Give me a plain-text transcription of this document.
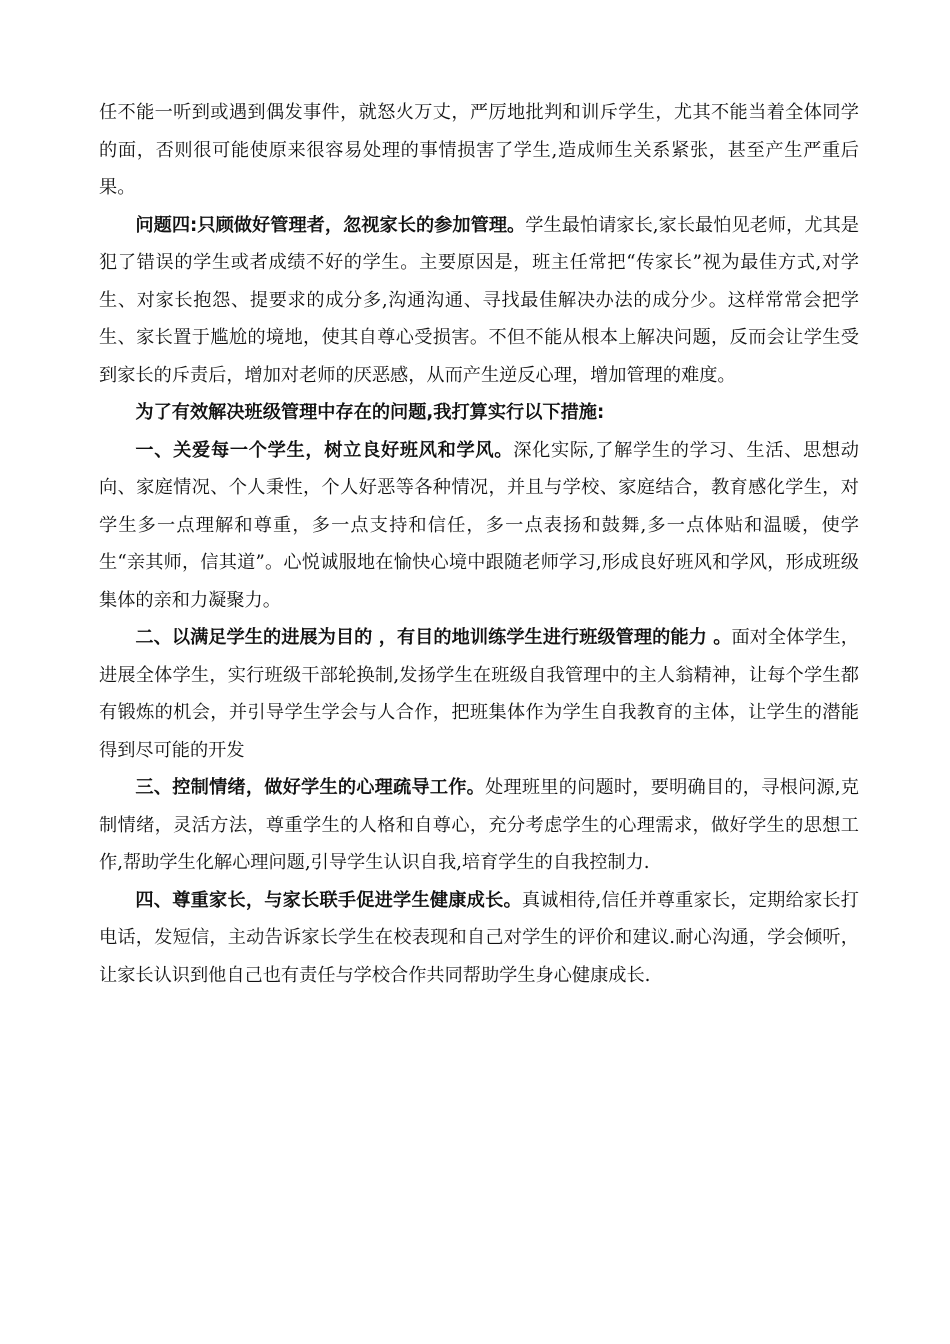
任不能一听到或遇到偶发事件，就怒火万丈，严厉地批判和训斥学生，尤其不能当着全体同学的面，否则很可能使原来很容易处理的事情损害了学生,造成师生关系紧张，甚至产生严重后果。

问题四:只顾做好管理者，忽视家长的参加管理。学生最怕请家长,家长最怕见老师，尤其是犯了错误的学生或者成绩不好的学生。主要原因是，班主任常把“传家长”视为最佳方式,对学生、对家长抱怨、提要求的成分多,沟通沟通、寻找最佳解决办法的成分少。这样常常会把学生、家长置于尴尬的境地，使其自尊心受损害。不但不能从根本上解决问题，反而会让学生受到家长的斥责后，增加对老师的厌恶感，从而产生逆反心理，增加管理的难度。

为了有效解决班级管理中存在的问题,我打算实行以下措施:

一、关爱每一个学生，树立良好班风和学风。深化实际,了解学生的学习、生活、思想动向、家庭情况、个人秉性，个人好恶等各种情况，并且与学校、家庭结合，教育感化学生，对学生多一点理解和尊重，多一点支持和信任，多一点表扬和鼓舞,多一点体贴和温暖，使学生“亲其师，信其道”。心悦诚服地在愉快心境中跟随老师学习,形成良好班风和学风，形成班级集体的亲和力凝聚力。

二、以满足学生的进展为目的 ，有目的地训练学生进行班级管理的能力 。面对全体学生，进展全体学生，实行班级干部轮换制,发扬学生在班级自我管理中的主人翁精神，让每个学生都有锻炼的机会，并引导学生学会与人合作，把班集体作为学生自我教育的主体，让学生的潜能得到尽可能的开发

三、控制情绪，做好学生的心理疏导工作。处理班里的问题时，要明确目的，寻根问源,克制情绪，灵活方法，尊重学生的人格和自尊心，充分考虑学生的心理需求，做好学生的思想工作,帮助学生化解心理问题,引导学生认识自我,培育学生的自我控制力.

四、尊重家长，与家长联手促进学生健康成长。真诚相待,信任并尊重家长，定期给家长打电话，发短信，主动告诉家长学生在校表现和自己对学生的评价和建议.耐心沟通，学会倾听，让家长认识到他自己也有责任与学校合作共同帮助学生身心健康成长.
